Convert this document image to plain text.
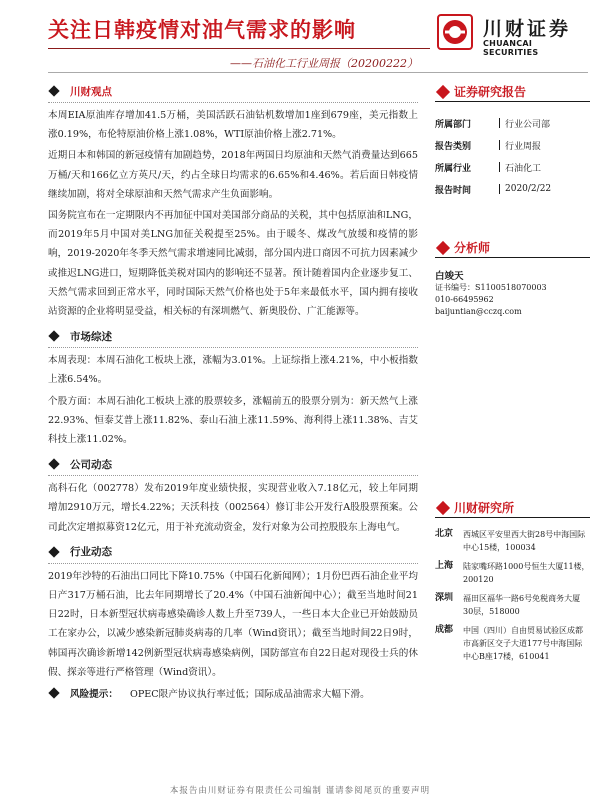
关注日韩疫情对油气需求的影响
——石油化工行业周报（20200222）
川财证券
CHUANCAI SECURITIES
川财观点

本周EIA原油库存增加41.5万桶，美国活跃石油钻机数增加1座到679座，美元指数上涨0.19%，布伦特原油价格上涨1.08%，WTI原油价格上涨2.71%。

近期日本和韩国的新冠疫情有加剧趋势，2018年两国日均原油和天然气消费量达到665万桶/天和166亿立方英尺/天，约占全球日均需求的6.65%和4.46%。若后面日韩疫情继续加剧，将对全球原油和天然气需求产生负面影响。

国务院宣布在一定期限内不再加征中国对美国部分商品的关税，其中包括原油和LNG，而2019年5月中国对美LNG加征关税提至25%。由于暖冬、煤改气放缓和疫情的影响，2019-2020年冬季天然气需求增速同比减弱，部分国内进口商因不可抗力因素减少或推迟LNG进口，短期降低美税对国内的影响还不显著。预计随着国内企业逐步复工、天然气需求回到正常水平，同时国际天然气价格也处于5年来最低水平，国内拥有接收站资源的企业将明显受益，相关标的有深圳燃气、新奥股份、广汇能源等。

市场综述

本周表现：本周石油化工板块上涨，涨幅为3.01%。上证综指上涨4.21%，中小板指数上涨6.54%。

个股方面：本周石油化工板块上涨的股票较多，涨幅前五的股票分别为：新天然气上涨22.93%、恒泰艾普上涨11.82%、泰山石油上涨11.59%、海利得上涨11.38%、吉艾科技上涨11.02%。

公司动态

高科石化（002778）发布2019年度业绩快报，实现营业收入7.18亿元，较上年同期增加2910万元，增长4.22%；天沃科技（002564）修订非公开发行A股股票预案。公司此次定增拟募资12亿元，用于补充流动资金，发行对象为公司控股股东上海电气。

行业动态

2019年沙特的石油出口同比下降10.75%（中国石化新闻网）；1月份巴西石油企业平均日产317万桶石油，比去年同期增长了20.4%（中国石油新闻中心）；截至当地时间21日22时，日本新型冠状病毒感染确诊人数上升至739人，一些日本大企业已开始鼓励员工在家办公，以减少感染新冠肺炎病毒的几率（Wind资讯）；截至当地时间22日9时，韩国再次确诊新增142例新型冠状病毒感染病例，国防部宣布自22日起对现役士兵的休假、探亲等进行严格管理（Wind资讯）。

风险提示： OPEC限产协议执行率过低；国际成品油需求大幅下滑。
证券研究报告
所属部门	行业公司部
报告类别	行业周报
所属行业	石油化工
报告时间	2020/2/22
分析师
白竣天
证书编号：S1100518070003
010-66495962
baijuntian@cczq.com
川财研究所
北京	西城区平安里西大街28号中海国际中心15楼，100034
上海	陆家嘴环路1000号恒生大厦11楼，200120
深圳	福田区福华一路6号免税商务大厦30层，518000
成都	中国（四川）自由贸易试验区成都市高新区交子大道177号中海国际中心B座17楼，610041
本报告由川财证券有限责任公司编制 谨请参阅尾页的重要声明
